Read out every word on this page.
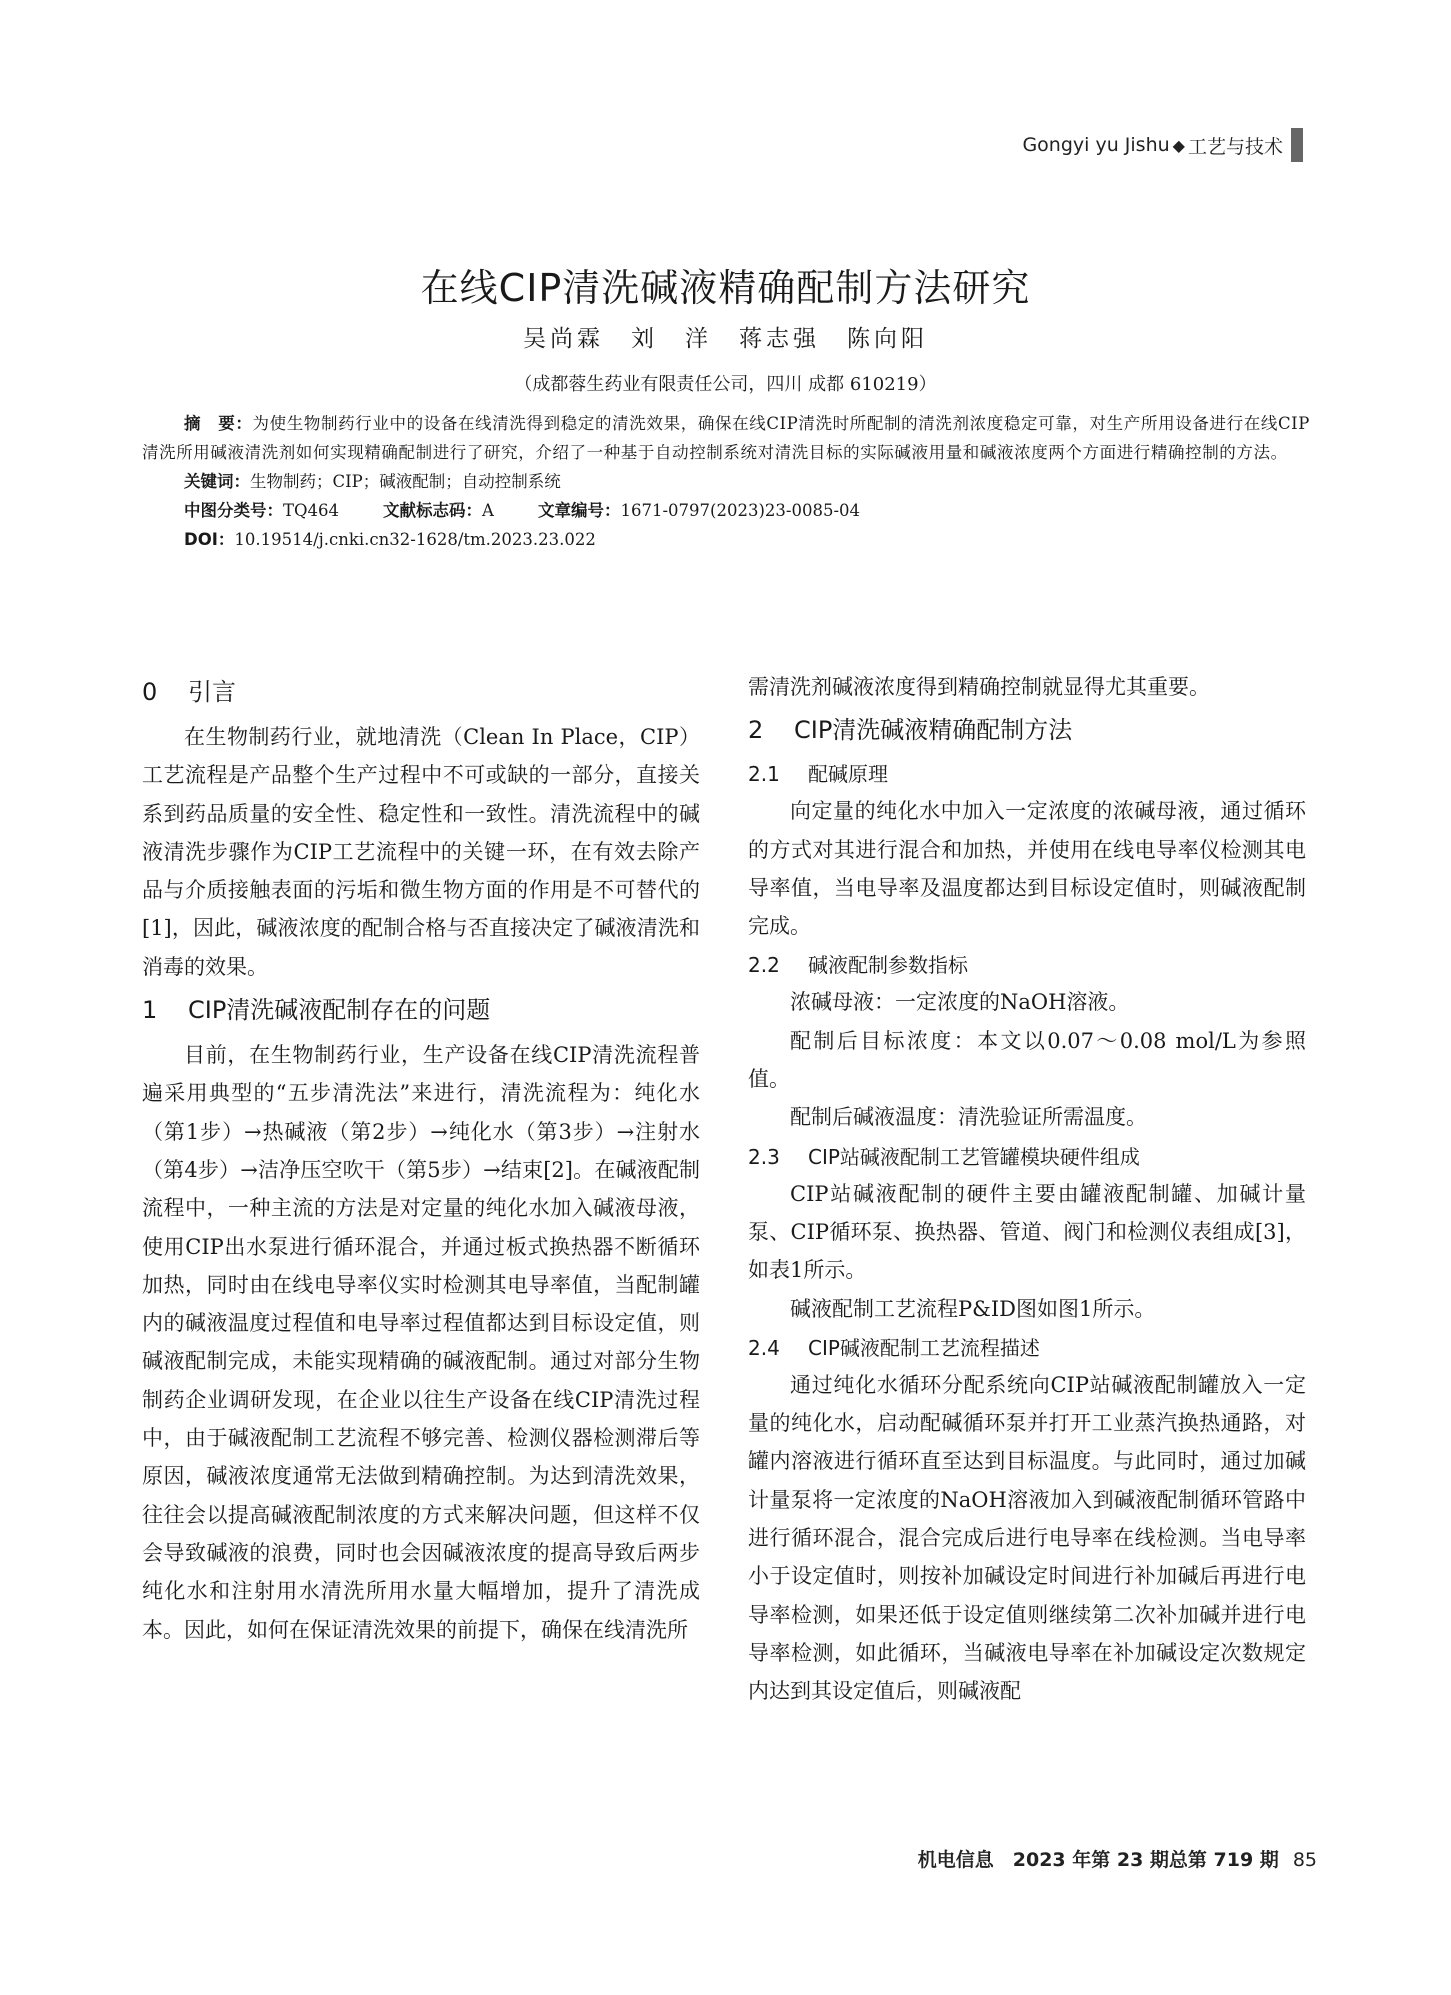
Gongyi yu Jishu ◆ 工艺与技术
在线CIP清洗碱液精确配制方法研究
吴尚霖　刘　洋　蒋志强　陈向阳
（成都蓉生药业有限责任公司，四川 成都 610219）

摘　要：为使生物制药行业中的设备在线清洗得到稳定的清洗效果，确保在线CIP清洗时所配制的清洗剂浓度稳定可靠，对生产所用设备进行在线CIP清洗所用碱液清洗剂如何实现精确配制进行了研究，介绍了一种基于自动控制系统对清洗目标的实际碱液用量和碱液浓度两个方面进行精确控制的方法。

关键词：生物制药；CIP；碱液配制；自动控制系统

中图分类号：TQ464	文献标志码：A	文章编号：1671-0797(2023)23-0085-04

DOI：10.19514/j.cnki.cn32-1628/tm.2023.23.022

0 引言

在生物制药行业，就地清洗（Clean In Place，CIP）工艺流程是产品整个生产过程中不可或缺的一部分，直接关系到药品质量的安全性、稳定性和一致性。清洗流程中的碱液清洗步骤作为CIP工艺流程中的关键一环，在有效去除产品与介质接触表面的污垢和微生物方面的作用是不可替代的[1]，因此，碱液浓度的配制合格与否直接决定了碱液清洗和消毒的效果。

1 CIP清洗碱液配制存在的问题

目前，在生物制药行业，生产设备在线CIP清洗流程普遍采用典型的“五步清洗法”来进行，清洗流程为：纯化水（第1步）→热碱液（第2步）→纯化水（第3步）→注射水（第4步）→洁净压空吹干（第5步）→结束[2]。在碱液配制流程中，一种主流的方法是对定量的纯化水加入碱液母液，使用CIP出水泵进行循环混合，并通过板式换热器不断循环加热，同时由在线电导率仪实时检测其电导率值，当配制罐内的碱液温度过程值和电导率过程值都达到目标设定值，则碱液配制完成，未能实现精确的碱液配制。通过对部分生物制药企业调研发现，在企业以往生产设备在线CIP清洗过程中，由于碱液配制工艺流程不够完善、检测仪器检测滞后等原因，碱液浓度通常无法做到精确控制。为达到清洗效果，往往会以提高碱液配制浓度的方式来解决问题，但这样不仅会导致碱液的浪费，同时也会因碱液浓度的提高导致后两步纯化水和注射用水清洗所用水量大幅增加，提升了清洗成本。因此，如何在保证清洗效果的前提下，确保在线清洗所

需清洗剂碱液浓度得到精确控制就显得尤其重要。

2 CIP清洗碱液精确配制方法
2.1 配碱原理

向定量的纯化水中加入一定浓度的浓碱母液，通过循环的方式对其进行混合和加热，并使用在线电导率仪检测其电导率值，当电导率及温度都达到目标设定值时，则碱液配制完成。

2.2 碱液配制参数指标

浓碱母液：一定浓度的NaOH溶液。

配制后目标浓度：本文以0.07～0.08 mol/L为参照值。

配制后碱液温度：清洗验证所需温度。

2.3 CIP站碱液配制工艺管罐模块硬件组成

CIP站碱液配制的硬件主要由罐液配制罐、加碱计量泵、CIP循环泵、换热器、管道、阀门和检测仪表组成[3]，如表1所示。

碱液配制工艺流程P&ID图如图1所示。

2.4 CIP碱液配制工艺流程描述

通过纯化水循环分配系统向CIP站碱液配制罐放入一定量的纯化水，启动配碱循环泵并打开工业蒸汽换热通路，对罐内溶液进行循环直至达到目标温度。与此同时，通过加碱计量泵将一定浓度的NaOH溶液加入到碱液配制循环管路中进行循环混合，混合完成后进行电导率在线检测。当电导率小于设定值时，则按补加碱设定时间进行补加碱后再进行电导率检测，如果还低于设定值则继续第二次补加碱并进行电导率检测，如此循环，当碱液电导率在补加碱设定次数规定内达到其设定值后，则碱液配

机电信息　2023 年第 23 期总第 719 期 85
